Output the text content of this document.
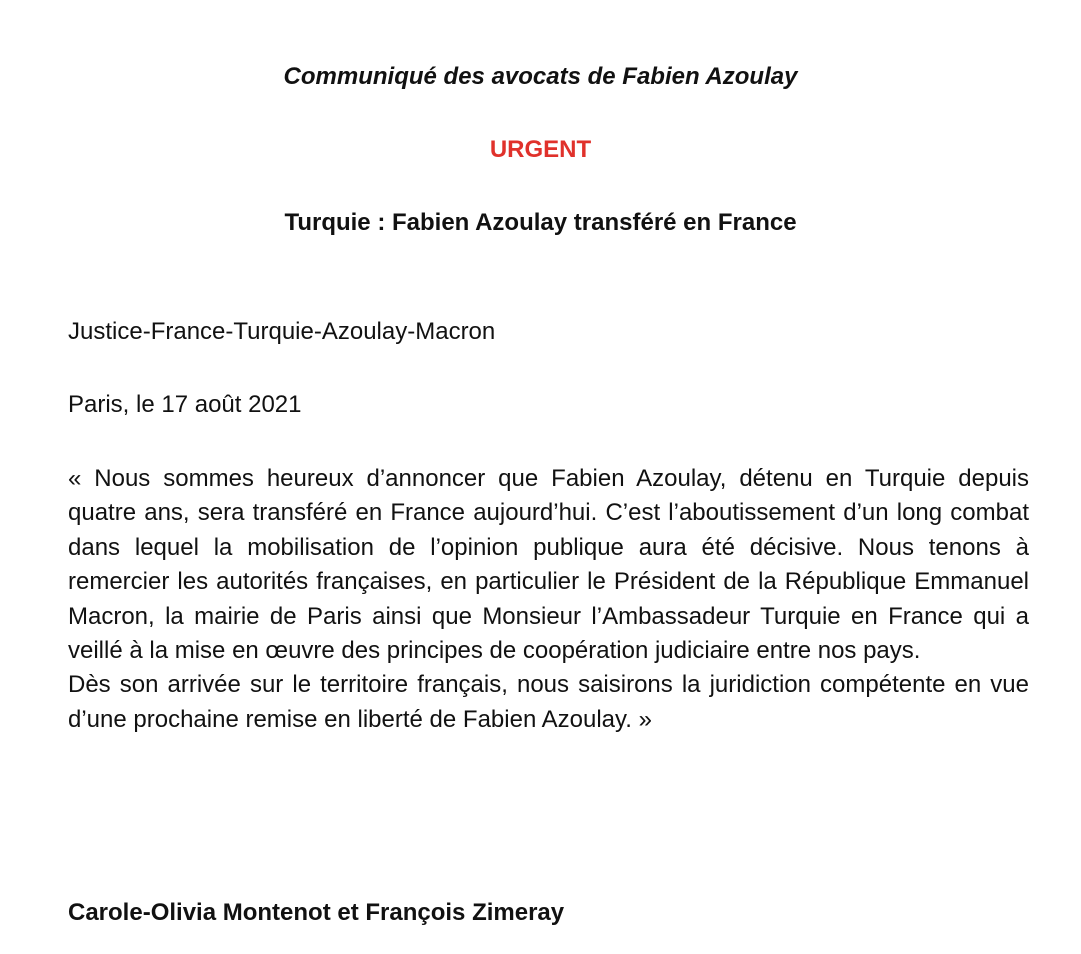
Communiqué des avocats de Fabien Azoulay
URGENT
Turquie : Fabien Azoulay transféré en France

Justice-France-Turquie-Azoulay-Macron

Paris, le 17 août 2021

« Nous sommes heureux d’annoncer que Fabien Azoulay, détenu en Turquie depuis quatre ans, sera transféré en France aujourd’hui. C’est l’aboutissement d’un long combat dans lequel la mobilisation de l’opinion publique aura été décisive. Nous tenons à remercier les autorités françaises, en particulier le Président de la République Emmanuel Macron, la mairie de Paris ainsi que Monsieur l’Ambassadeur Turquie en France qui a veillé à la mise en œuvre des principes de coopération judiciaire entre nos pays.

Dès son arrivée sur le territoire français, nous saisirons la juridiction compétente en vue d’une prochaine remise en liberté de Fabien Azoulay. »

Carole-Olivia Montenot et François Zimeray
